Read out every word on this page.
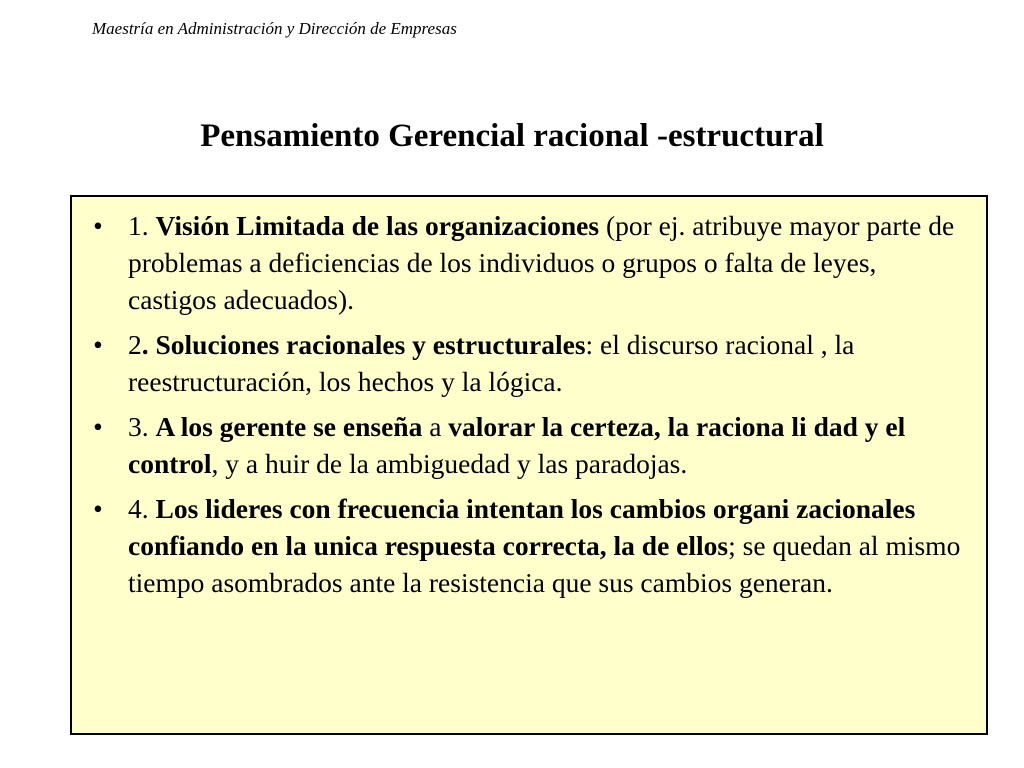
Maestría en Administración y Dirección de Empresas
Pensamiento Gerencial racional -estructural
• 1. Visión Limitada de las organizaciones (por ej. atribuye mayor parte de problemas a deficiencias de los individuos o grupos o falta de leyes, castigos adecuados).
• 2. Soluciones racionales y estructurales: el discurso racional , la reestructuración, los hechos y la lógica.
• 3. A los gerente se enseña a valorar la certeza, la raciona li dad y el control, y a huir de la ambiguedad y las paradojas.
• 4. Los lideres con frecuencia intentan los cambios organi zacionales confiando en la unica respuesta correcta, la de ellos; se quedan al mismo tiempo asombrados ante la resistencia que sus cambios generan.
